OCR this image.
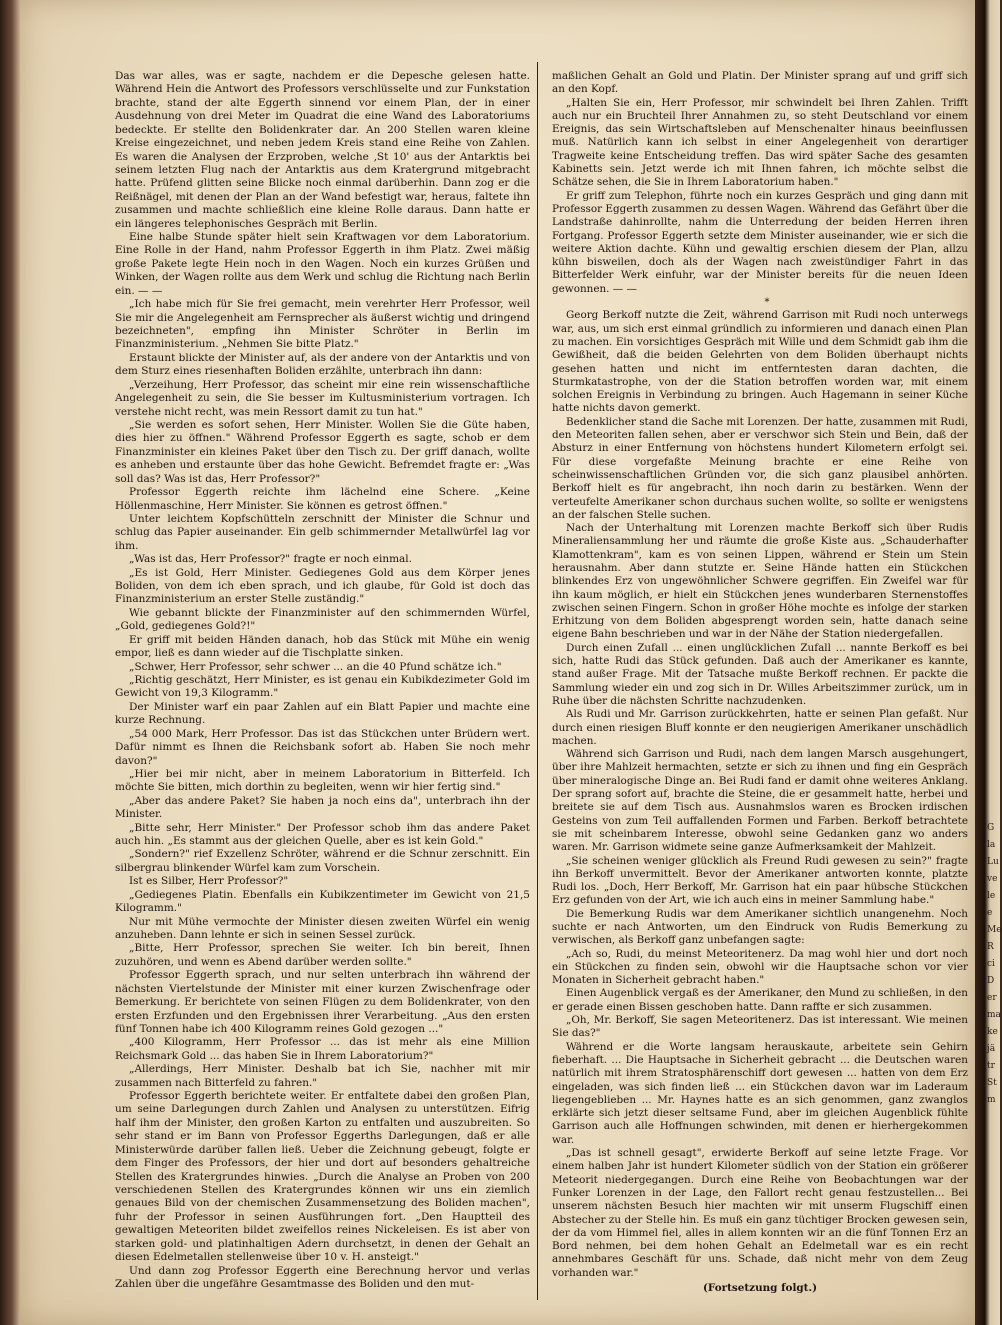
Das war alles, was er sagte, nachdem er die Depesche gelesen hatte. Während Hein die Antwort des Professors verschlüsselte und zur Funkstation brachte, stand der alte Eggerth sinnend vor einem Plan, der in einer Ausdehnung von drei Meter im Quadrat die eine Wand des Laboratoriums bedeckte. Er stellte den Bolidenkrater dar. An 200 Stellen waren kleine Kreise eingezeichnet, und neben jedem Kreis stand eine Reihe von Zahlen. Es waren die Analysen der Erzproben, welche ‚St 10' aus der Antarktis bei seinem letzten Flug nach der Antarktis aus dem Kratergrund mitgebracht hatte. Prüfend glitten seine Blicke noch einmal darüberhin. Dann zog er die Reißnägel, mit denen der Plan an der Wand befestigt war, heraus, faltete ihn zusammen und machte schließlich eine kleine Rolle daraus. Dann hatte er ein längeres telephonisches Gespräch mit Berlin.

Eine halbe Stunde später hielt sein Kraftwagen vor dem Laboratorium. Eine Rolle in der Hand, nahm Professor Eggerth in ihm Platz. Zwei mäßig große Pakete legte Hein noch in den Wagen. Noch ein kurzes Grüßen und Winken, der Wagen rollte aus dem Werk und schlug die Richtung nach Berlin ein. — —

„Ich habe mich für Sie frei gemacht, mein verehrter Herr Professor, weil Sie mir die Angelegenheit am Fernsprecher als äußerst wichtig und dringend bezeichneten", empfing ihn Minister Schröter in Berlin im Finanzministerium. „Nehmen Sie bitte Platz."

Erstaunt blickte der Minister auf, als der andere von der Antarktis und von dem Sturz eines riesenhaften Boliden erzählte, unterbrach ihn dann:

„Verzeihung, Herr Professor, das scheint mir eine rein wissenschaftliche Angelegenheit zu sein, die Sie besser im Kultusministerium vortragen. Ich verstehe nicht recht, was mein Ressort damit zu tun hat."

„Sie werden es sofort sehen, Herr Minister. Wollen Sie die Güte haben, dies hier zu öffnen." Während Professor Eggerth es sagte, schob er dem Finanzminister ein kleines Paket über den Tisch zu. Der griff danach, wollte es anheben und erstaunte über das hohe Gewicht. Befremdet fragte er: „Was soll das? Was ist das, Herr Professor?"

Professor Eggerth reichte ihm lächelnd eine Schere. „Keine Höllenmaschine, Herr Minister. Sie können es getrost öffnen."

Unter leichtem Kopfschütteln zerschnitt der Minister die Schnur und schlug das Papier auseinander. Ein gelb schimmernder Metallwürfel lag vor ihm.

„Was ist das, Herr Professor?" fragte er noch einmal.

„Es ist Gold, Herr Minister. Gediegenes Gold aus dem Körper jenes Boliden, von dem ich eben sprach, und ich glaube, für Gold ist doch das Finanzministerium an erster Stelle zuständig."

Wie gebannt blickte der Finanzminister auf den schimmernden Würfel, „Gold, gediegenes Gold?!"

Er griff mit beiden Händen danach, hob das Stück mit Mühe ein wenig empor, ließ es dann wieder auf die Tischplatte sinken.

„Schwer, Herr Professor, sehr schwer ... an die 40 Pfund schätze ich."

„Richtig geschätzt, Herr Minister, es ist genau ein Kubikdezimeter Gold im Gewicht von 19,3 Kilogramm."

Der Minister warf ein paar Zahlen auf ein Blatt Papier und machte eine kurze Rechnung.

„54 000 Mark, Herr Professor. Das ist das Stückchen unter Brüdern wert. Dafür nimmt es Ihnen die Reichsbank sofort ab. Haben Sie noch mehr davon?"

„Hier bei mir nicht, aber in meinem Laboratorium in Bitterfeld. Ich möchte Sie bitten, mich dorthin zu begleiten, wenn wir hier fertig sind."

„Aber das andere Paket? Sie haben ja noch eins da", unterbrach ihn der Minister.

„Bitte sehr, Herr Minister." Der Professor schob ihm das andere Paket auch hin. „Es stammt aus der gleichen Quelle, aber es ist kein Gold."

„Sondern?" rief Exzellenz Schröter, während er die Schnur zerschnitt. Ein silbergrau blinkender Würfel kam zum Vorschein.

Ist es Silber, Herr Professor?"

„Gediegenes Platin. Ebenfalls ein Kubikzentimeter im Gewicht von 21,5 Kilogramm."

Nur mit Mühe vermochte der Minister diesen zweiten Würfel ein wenig anzuheben. Dann lehnte er sich in seinen Sessel zurück.

„Bitte, Herr Professor, sprechen Sie weiter. Ich bin bereit, Ihnen zuzuhören, und wenn es Abend darüber werden sollte."

Professor Eggerth sprach, und nur selten unterbrach ihn während der nächsten Viertelstunde der Minister mit einer kurzen Zwischenfrage oder Bemerkung. Er berichtete von seinen Flügen zu dem Bolidenkrater, von den ersten Erzfunden und den Ergebnissen ihrer Verarbeitung. „Aus den ersten fünf Tonnen habe ich 400 Kilogramm reines Gold gezogen ..."

„400 Kilogramm, Herr Professor ... das ist mehr als eine Million Reichsmark Gold ... das haben Sie in Ihrem Laboratorium?"

„Allerdings, Herr Minister. Deshalb bat ich Sie, nachher mit mir zusammen nach Bitterfeld zu fahren."

Professor Eggerth berichtete weiter. Er entfaltete dabei den großen Plan, um seine Darlegungen durch Zahlen und Analysen zu unterstützen. Eifrig half ihm der Minister, den großen Karton zu entfalten und auszubreiten. So sehr stand er im Bann von Professor Eggerths Darlegungen, daß er alle Ministerwürde darüber fallen ließ. Ueber die Zeichnung gebeugt, folgte er dem Finger des Professors, der hier und dort auf besonders gehaltreiche Stellen des Kratergrundes hinwies. „Durch die Analyse an Proben von 200 verschiedenen Stellen des Kratergrundes können wir uns ein ziemlich genaues Bild von der chemischen Zusammensetzung des Boliden machen", fuhr der Professor in seinen Ausführungen fort. „Den Hauptteil des gewaltigen Meteoriten bildet zweifellos reines Nickeleisen. Es ist aber von starken gold- und platinhaltigen Adern durchsetzt, in denen der Gehalt an diesen Edelmetallen stellenweise über 10 v. H. ansteigt."

Und dann zog Professor Eggerth eine Berechnung hervor und verlas Zahlen über die ungefähre Gesamtmasse des Boliden und den mut-

maßlichen Gehalt an Gold und Platin. Der Minister sprang auf und griff sich an den Kopf.

„Halten Sie ein, Herr Professor, mir schwindelt bei Ihren Zahlen. Trifft auch nur ein Bruchteil Ihrer Annahmen zu, so steht Deutschland vor einem Ereignis, das sein Wirtschaftsleben auf Menschenalter hinaus beeinflussen muß. Natürlich kann ich selbst in einer Angelegenheit von derartiger Tragweite keine Entscheidung treffen. Das wird später Sache des gesamten Kabinetts sein. Jetzt werde ich mit Ihnen fahren, ich möchte selbst die Schätze sehen, die Sie in Ihrem Laboratorium haben."

Er griff zum Telephon, führte noch ein kurzes Gespräch und ging dann mit Professor Eggerth zusammen zu dessen Wagen. Während das Gefährt über die Landstraße dahinrollte, nahm die Unterredung der beiden Herren ihren Fortgang. Professor Eggerth setzte dem Minister auseinander, wie er sich die weitere Aktion dachte. Kühn und gewaltig erschien diesem der Plan, allzu kühn bisweilen, doch als der Wagen nach zweistündiger Fahrt in das Bitterfelder Werk einfuhr, war der Minister bereits für die neuen Ideen gewonnen. — —

*

Georg Berkoff nutzte die Zeit, während Garrison mit Rudi noch unterwegs war, aus, um sich erst einmal gründlich zu informieren und danach einen Plan zu machen. Ein vorsichtiges Gespräch mit Wille und dem Schmidt gab ihm die Gewißheit, daß die beiden Gelehrten von dem Boliden überhaupt nichts gesehen hatten und nicht im entferntesten daran dachten, die Sturmkatastrophe, von der die Station betroffen worden war, mit einem solchen Ereignis in Verbindung zu bringen. Auch Hagemann in seiner Küche hatte nichts davon gemerkt.

Bedenklicher stand die Sache mit Lorenzen. Der hatte, zusammen mit Rudi, den Meteoriten fallen sehen, aber er verschwor sich Stein und Bein, daß der Absturz in einer Entfernung von höchstens hundert Kilometern erfolgt sei. Für diese vorgefaßte Meinung brachte er eine Reihe von scheinwissenschaftlichen Gründen vor, die sich ganz plausibel anhörten. Berkoff hielt es für angebracht, ihn noch darin zu bestärken. Wenn der verteufelte Amerikaner schon durchaus suchen wollte, so sollte er wenigstens an der falschen Stelle suchen.

Nach der Unterhaltung mit Lorenzen machte Berkoff sich über Rudis Mineraliensammlung her und räumte die große Kiste aus. „Schauderhafter Klamottenkram", kam es von seinen Lippen, während er Stein um Stein herausnahm. Aber dann stutzte er. Seine Hände hatten ein Stückchen blinkendes Erz von ungewöhnlicher Schwere gegriffen. Ein Zweifel war für ihn kaum möglich, er hielt ein Stückchen jenes wunderbaren Sternenstoffes zwischen seinen Fingern. Schon in großer Höhe mochte es infolge der starken Erhitzung von dem Boliden abgesprengt worden sein, hatte danach seine eigene Bahn beschrieben und war in der Nähe der Station niedergefallen.

Durch einen Zufall ... einen unglücklichen Zufall ... nannte Berkoff es bei sich, hatte Rudi das Stück gefunden. Daß auch der Amerikaner es kannte, stand außer Frage. Mit der Tatsache mußte Berkoff rechnen. Er packte die Sammlung wieder ein und zog sich in Dr. Willes Arbeitszimmer zurück, um in Ruhe über die nächsten Schritte nachzudenken.

Als Rudi und Mr. Garrison zurückkehrten, hatte er seinen Plan gefaßt. Nur durch einen riesigen Bluff konnte er den neugierigen Amerikaner unschädlich machen.

Während sich Garrison und Rudi, nach dem langen Marsch ausgehungert, über ihre Mahlzeit hermachten, setzte er sich zu ihnen und fing ein Gespräch über mineralogische Dinge an. Bei Rudi fand er damit ohne weiteres Anklang. Der sprang sofort auf, brachte die Steine, die er gesammelt hatte, herbei und breitete sie auf dem Tisch aus. Ausnahmslos waren es Brocken irdischen Gesteins von zum Teil auffallenden Formen und Farben. Berkoff betrachtete sie mit scheinbarem Interesse, obwohl seine Gedanken ganz wo anders waren. Mr. Garrison widmete seine ganze Aufmerksamkeit der Mahlzeit.

„Sie scheinen weniger glücklich als Freund Rudi gewesen zu sein?" fragte ihn Berkoff unvermittelt. Bevor der Amerikaner antworten konnte, platzte Rudi los. „Doch, Herr Berkoff, Mr. Garrison hat ein paar hübsche Stückchen Erz gefunden von der Art, wie ich auch eins in meiner Sammlung habe."

Die Bemerkung Rudis war dem Amerikaner sichtlich unangenehm. Noch suchte er nach Antworten, um den Eindruck von Rudis Bemerkung zu verwischen, als Berkoff ganz unbefangen sagte:

„Ach so, Rudi, du meinst Meteoritenerz. Da mag wohl hier und dort noch ein Stückchen zu finden sein, obwohl wir die Hauptsache schon vor vier Monaten in Sicherheit gebracht haben."

Einen Augenblick vergaß es der Amerikaner, den Mund zu schließen, in den er gerade einen Bissen geschoben hatte. Dann raffte er sich zusammen.

„Oh, Mr. Berkoff, Sie sagen Meteoritenerz. Das ist interessant. Wie meinen Sie das?"

Während er die Worte langsam herauskaute, arbeitete sein Gehirn fieberhaft. ... Die Hauptsache in Sicherheit gebracht ... die Deutschen waren natürlich mit ihrem Stratosphärenschiff dort gewesen ... hatten von dem Erz eingeladen, was sich finden ließ ... ein Stückchen davon war im Laderaum liegengeblieben ... Mr. Haynes hatte es an sich genommen, ganz zwanglos erklärte sich jetzt dieser seltsame Fund, aber im gleichen Augenblick fühlte Garrison auch alle Hoffnungen schwinden, mit denen er hierhergekommen war.

„Das ist schnell gesagt", erwiderte Berkoff auf seine letzte Frage. Vor einem halben Jahr ist hundert Kilometer südlich von der Station ein größerer Meteorit niedergegangen. Durch eine Reihe von Beobachtungen war der Funker Lorenzen in der Lage, den Fallort recht genau festzustellen... Bei unserem nächsten Besuch hier machten wir mit unserm Flugschiff einen Abstecher zu der Stelle hin. Es muß ein ganz tüchtiger Brocken gewesen sein, der da vom Himmel fiel, alles in allem konnten wir an die fünf Tonnen Erz an Bord nehmen, bei dem hohen Gehalt an Edelmetall war es ein recht annehmbares Geschäft für uns. Schade, daß nicht mehr von dem Zeug vorhanden war."

(Fortsetzung folgt.)
G
la
Lu
ve
le
e
Me
R
ci
D
er
ma
ke
jä
tr
St
m
